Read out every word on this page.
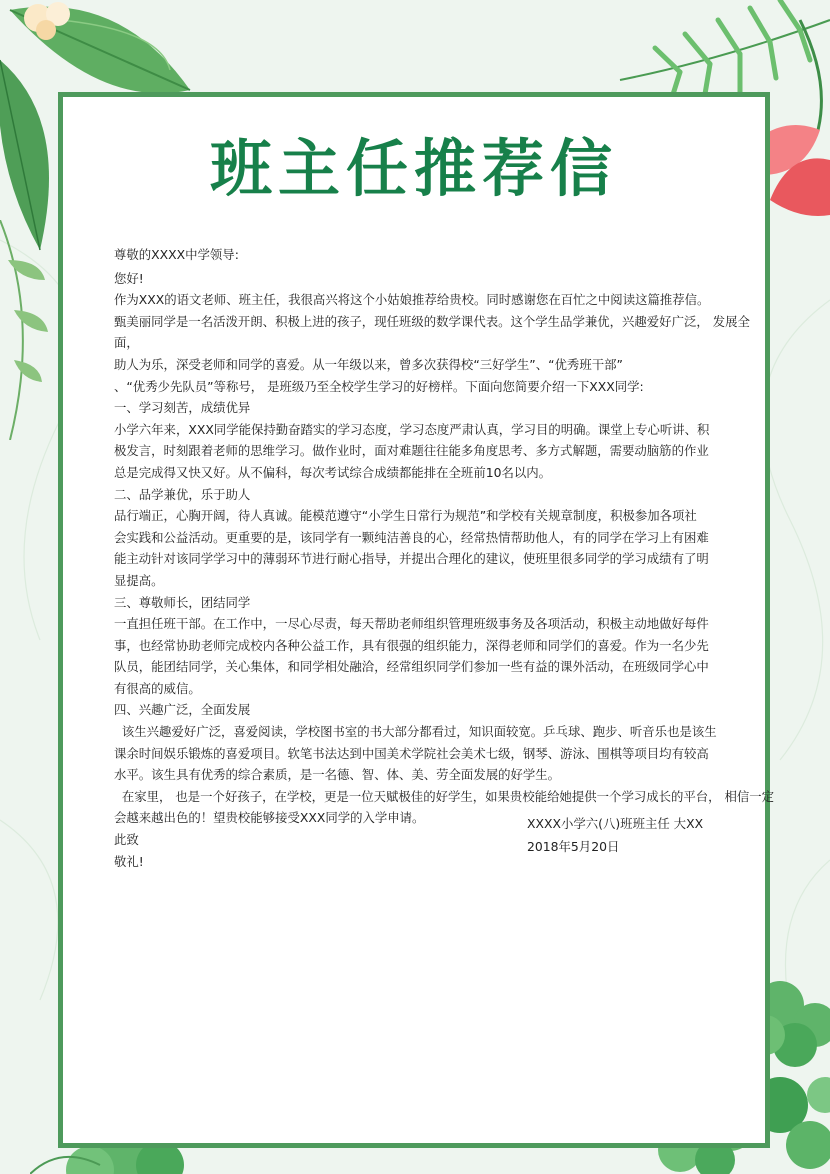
班主任推荐信

尊敬的XXXX中学领导:

您好!

作为XXX的语文老师、班主任，我很高兴将这个小姑娘推荐给贵校。同时感谢您在百忙之中阅读这篇推荐信。

甄美丽同学是一名活泼开朗、积极上进的孩子，现任班级的数学课代表。这个学生品学兼优，兴趣爱好广泛， 发展全面，

助人为乐，深受老师和同学的喜爱。从一年级以来，曾多次获得校“三好学生”、“优秀班干部”

、“优秀少先队员”等称号， 是班级乃至全校学生学习的好榜样。下面向您简要介绍一下XXX同学:

一、学习刻苦，成绩优异

小学六年来，XXX同学能保持勤奋踏实的学习态度，学习态度严肃认真，学习目的明确。课堂上专心听讲、积

极发言，时刻跟着老师的思维学习。做作业时，面对难题往往能多角度思考、多方式解题，需要动脑筋的作业

总是完成得又快又好。从不偏科，每次考试综合成绩都能排在全班前10名以内。

二、品学兼优，乐于助人

品行端正，心胸开阔，待人真诚。能模范遵守“小学生日常行为规范”和学校有关规章制度，积极参加各项社

会实践和公益活动。更重要的是，该同学有一颗纯洁善良的心，经常热情帮助他人，有的同学在学习上有困难

能主动针对该同学学习中的薄弱环节进行耐心指导，并提出合理化的建议，使班里很多同学的学习成绩有了明

显提高。

三、尊敬师长，团结同学

一直担任班干部。在工作中，一尽心尽责，每天帮助老师组织管理班级事务及各项活动，积极主动地做好每件

事，也经常协助老师完成校内各种公益工作，具有很强的组织能力，深得老师和同学们的喜爱。作为一名少先

队员，能团结同学，关心集体，和同学相处融洽，经常组织同学们参加一些有益的课外活动，在班级同学心中

有很高的威信。

四、兴趣广泛，全面发展

该生兴趣爱好广泛，喜爱阅读，学校图书室的书大部分都看过，知识面较宽。乒乓球、跑步、听音乐也是该生

课余时间娱乐锻炼的喜爱项目。软笔书法达到中国美术学院社会美术七级，钢琴、游泳、围棋等项目均有较高

水平。该生具有优秀的综合素质，是一名德、智、体、美、劳全面发展的好学生。

在家里， 也是一个好孩子，在学校，更是一位天赋极佳的好学生，如果贵校能给她提供一个学习成长的平台， 相信一定

会越来越出色的！望贵校能够接受XXX同学的入学申请。

此致

敬礼!

XXXX小学六(八)班班主任 大XX
2018年5月20日
